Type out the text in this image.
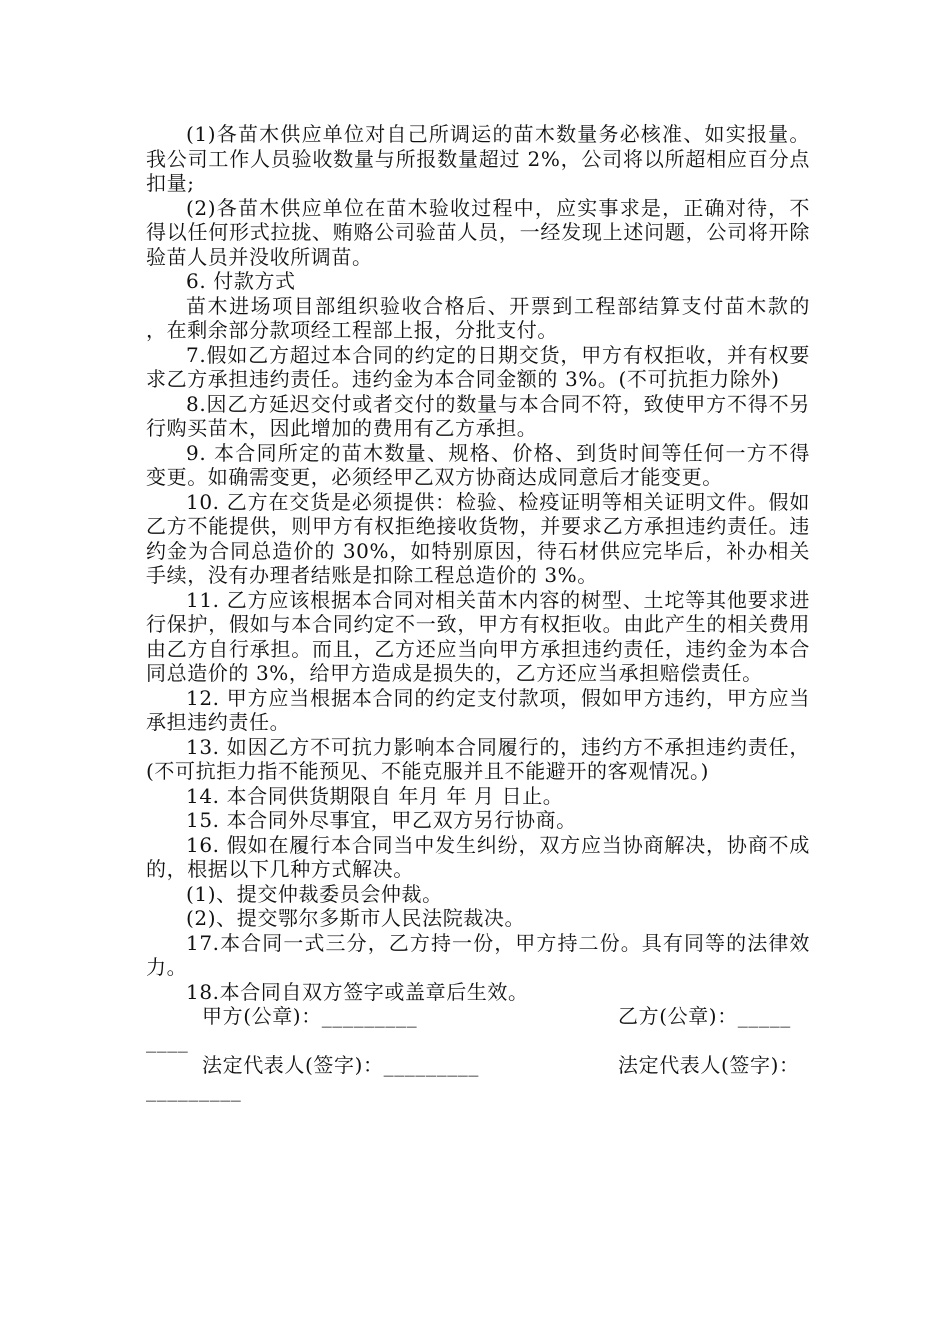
(1)各苗木供应单位对自己所调运的苗木数量务必核准、如实报量。我公司工作人员验收数量与所报数量超过 2%，公司将以所超相应百分点扣量;

(2)各苗木供应单位在苗木验收过程中，应实事求是，正确对待，不得以任何形式拉拢、贿赂公司验苗人员，一经发现上述问题，公司将开除验苗人员并没收所调苗。

6. 付款方式

苗木进场项目部组织验收合格后、开票到工程部结算支付苗木款的 ，在剩余部分款项经工程部上报，分批支付。

7.假如乙方超过本合同的约定的日期交货，甲方有权拒收，并有权要求乙方承担违约责任。违约金为本合同金额的 3%。(不可抗拒力除外)

8.因乙方延迟交付或者交付的数量与本合同不符，致使甲方不得不另行购买苗木，因此增加的费用有乙方承担。

9. 本合同所定的苗木数量、规格、价格、到货时间等任何一方不得变更。如确需变更，必须经甲乙双方协商达成同意后才能变更。

10. 乙方在交货是必须提供：检验、检疫证明等相关证明文件。假如乙方不能提供，则甲方有权拒绝接收货物，并要求乙方承担违约责任。违约金为合同总造价的 30%，如特别原因，待石材供应完毕后，补办相关手续，没有办理者结账是扣除工程总造价的 3%。

11. 乙方应该根据本合同对相关苗木内容的树型、土坨等其他要求进行保护，假如与本合同约定不一致，甲方有权拒收。由此产生的相关费用由乙方自行承担。而且，乙方还应当向甲方承担违约责任，违约金为本合同总造价的 3%，给甲方造成是损失的，乙方还应当承担赔偿责任。

12. 甲方应当根据本合同的约定支付款项，假如甲方违约，甲方应当承担违约责任。

13. 如因乙方不可抗力影响本合同履行的，违约方不承担违约责任，(不可抗拒力指不能预见、不能克服并且不能避开的客观情况。)

14. 本合同供货期限自 年月 年 月 日止。

15. 本合同外尽事宜，甲乙双方另行协商。

16. 假如在履行本合同当中发生纠纷，双方应当协商解决，协商不成的，根据以下几种方式解决。

(1)、提交仲裁委员会仲裁。

(2)、提交鄂尔多斯市人民法院裁决。

17.本合同一式三分，乙方持一份，甲方持二份。具有同等的法律效力。

18.本合同自双方签字或盖章后生效。

甲方(公章)：_________	乙方(公章)：_____
____
法定代表人(签字)：_________	法定代表人(签字)：
_________
